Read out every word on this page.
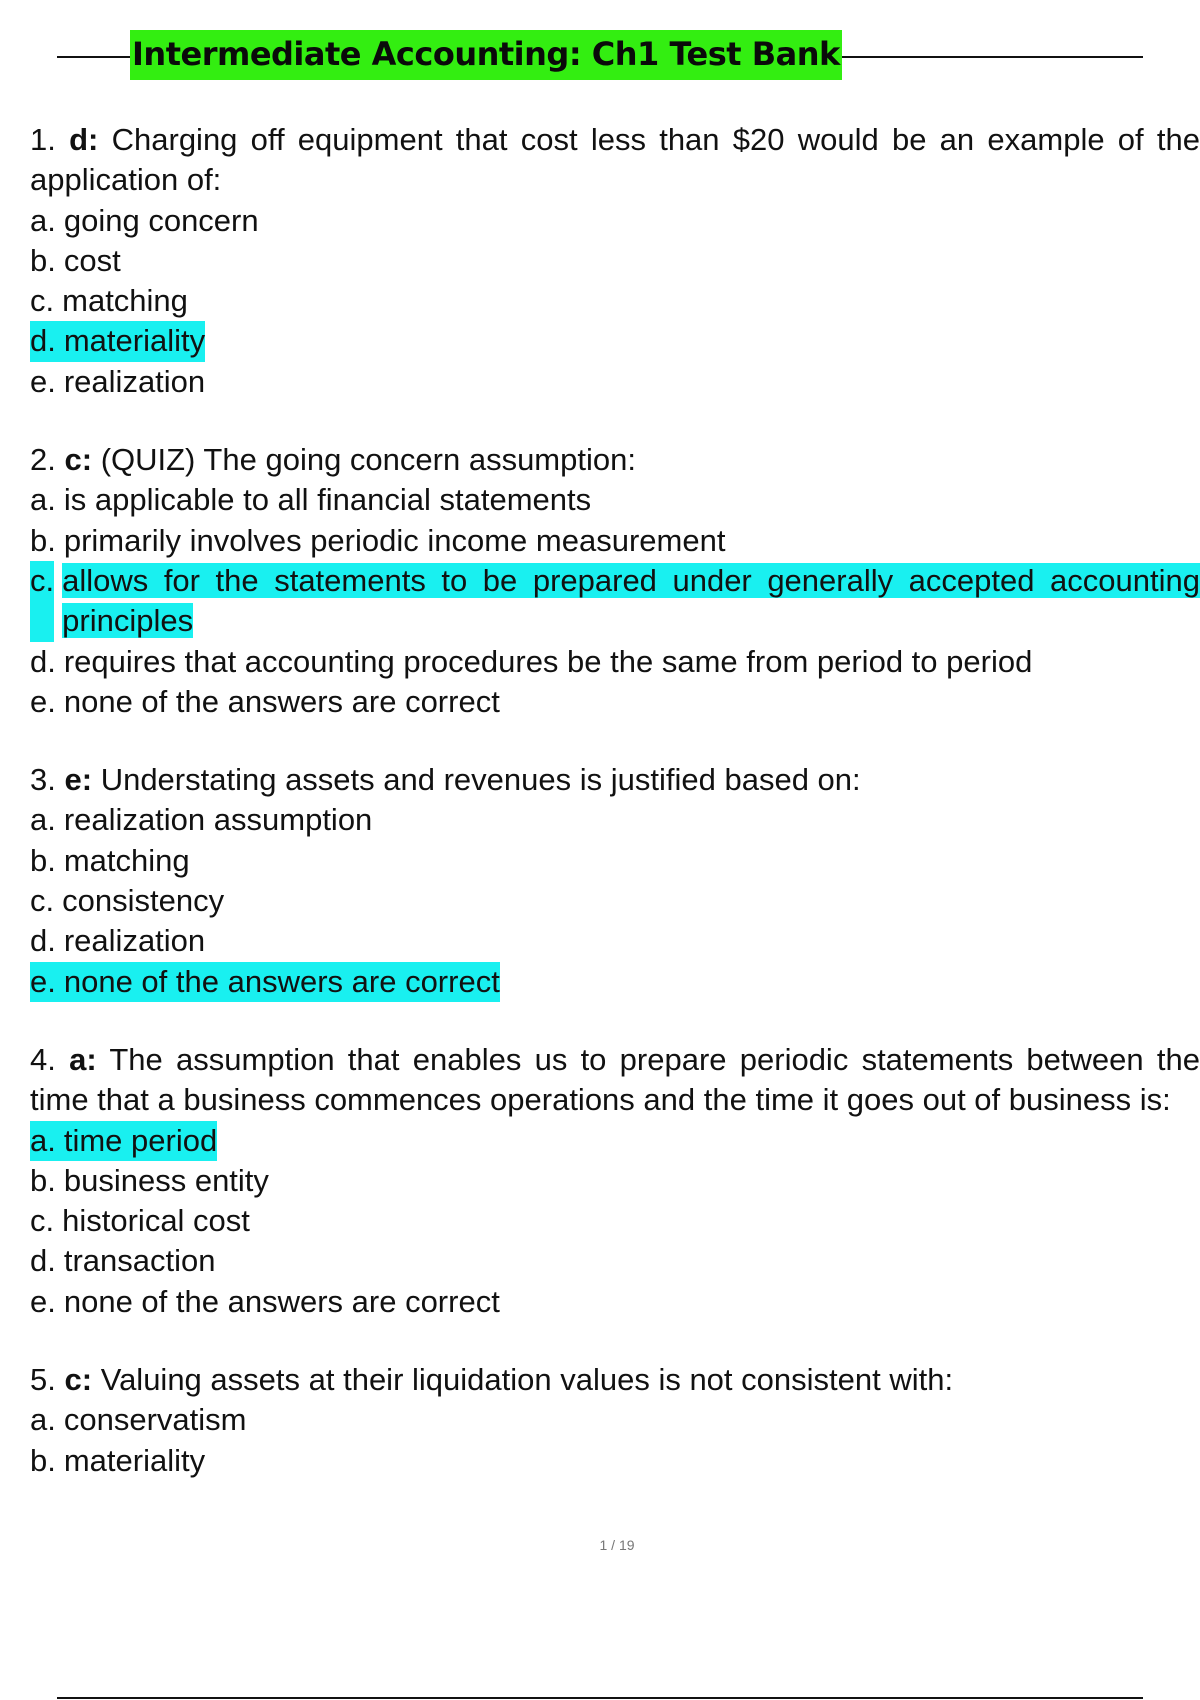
Intermediate Accounting: Ch1 Test Bank
1. d: Charging off equipment that cost less than $20 would be an example of the application of:
a. going concern
b. cost
c. matching
d. materiality
e. realization
2. c: (QUIZ) The going concern assumption:
a. is applicable to all financial statements
b. primarily involves periodic income measurement
c. allows for the statements to be prepared under generally accepted accounting principles
d. requires that accounting procedures be the same from period to period
e. none of the answers are correct
3. e: Understating assets and revenues is justified based on:
a. realization assumption
b. matching
c. consistency
d. realization
e. none of the answers are correct
4. a: The assumption that enables us to prepare periodic statements between the time that a business commences operations and the time it goes out of business is:
a. time period
b. business entity
c. historical cost
d. transaction
e. none of the answers are correct
5. c: Valuing assets at their liquidation values is not consistent with:
a. conservatism
b. materiality
1 / 19
